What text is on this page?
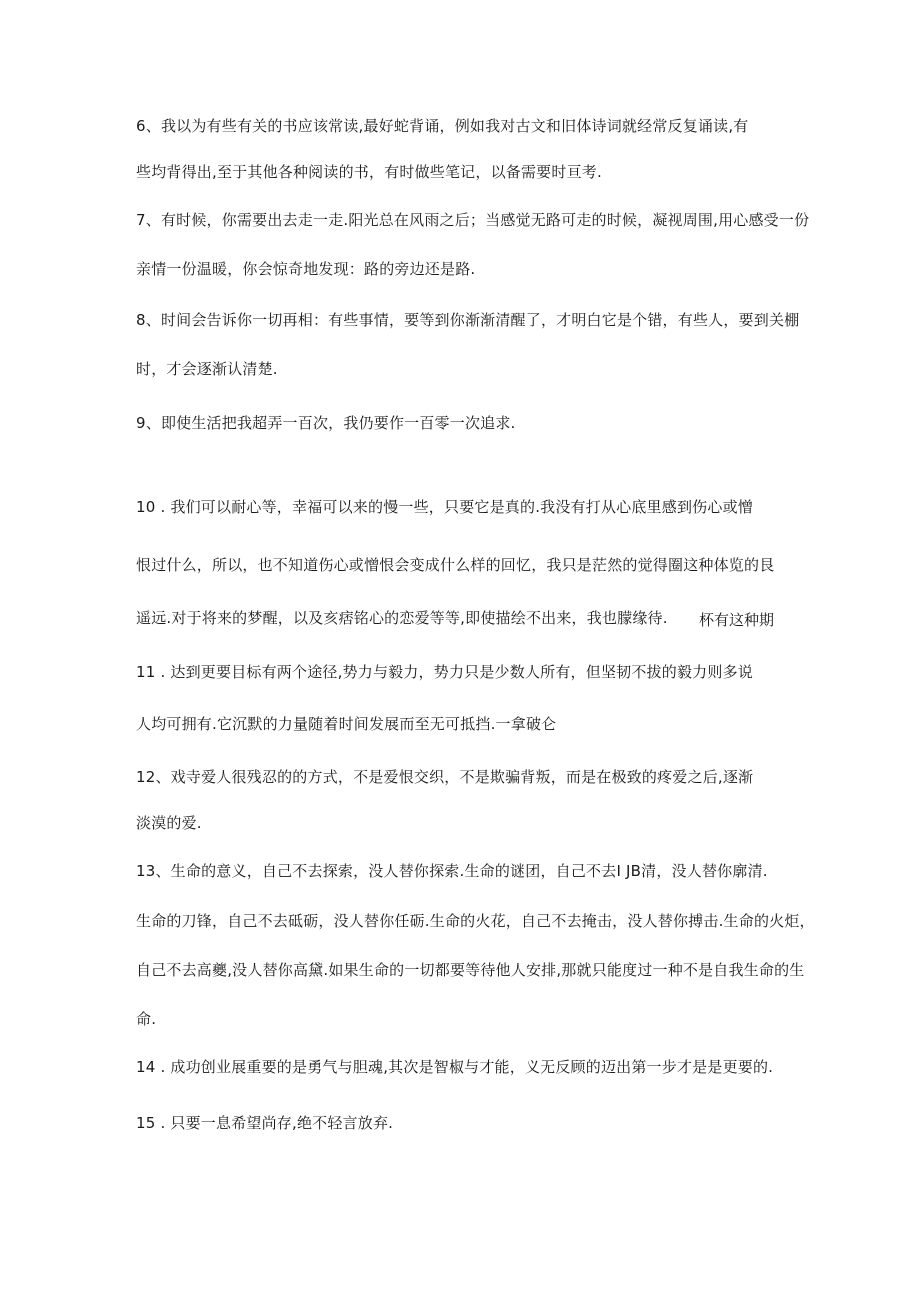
6、我以为有些有关的书应该常读,最好蛇背诵，例如我对古文和旧体诗词就经常反复诵读,有
些均背得出,至于其他各种阅读的书，有时做些笔记，以备需要时亘考.
7、有时候，你需要出去走一走.阳光总在风雨之后；当感觉无路可走的时候，凝视周围,用心感受一份
亲情一份温暖，你会惊奇地发现：路的旁边还是路.
8、时间会告诉你一切再相：有些事情，要等到你渐渐清醒了，才明白它是个错，有些人，要到关棚
时，才会逐渐认清楚.
9、即使生活把我超弄一百次，我仍要作一百零一次追求.
10 . 我们可以耐心等，幸福可以来的慢一些，只要它是真的.我没有打从心底里感到伤心或憎
恨过什么，所以，也不知道伤心或憎恨会变成什么样的回忆，我只是茫然的觉得圈这种体览的艮
遥远.对于将来的梦醒，以及亥痞铭心的恋爱等等,即使描绘不出来，我也朦缘待. 杯有这种期
11 . 达到更要目标有两个途径,势力与毅力，势力只是少数人所有，但坚韧不拔的毅力则多说
人均可拥有.它沉默的力量随着时间发展而至无可抵挡.一拿破仑
12、戏寺爱人很残忍的的方式，不是爱恨交织，不是欺骗背叛，而是在极致的疼爱之后,逐渐
淡漠的爱.
13、生命的意义，自己不去探索，没人替你探索.生命的谜团，自己不去I JB清，没人替你廓清.
生命的刀锋，自己不去砥砺，没人替你任砺.生命的火花，自己不去掩击，没人替你搏击.生命的火炬，
自己不去高夔,没人替你高黛.如果生命的一切都要等待他人安排,那就只能度过一种不是自我生命的生
命.
14 . 成功创业展重要的是勇气与胆魂,其次是智椒与才能，义无反顾的迈出第一步才是是更要的.
15 . 只要一息希望尚存,绝不轻言放弃.
